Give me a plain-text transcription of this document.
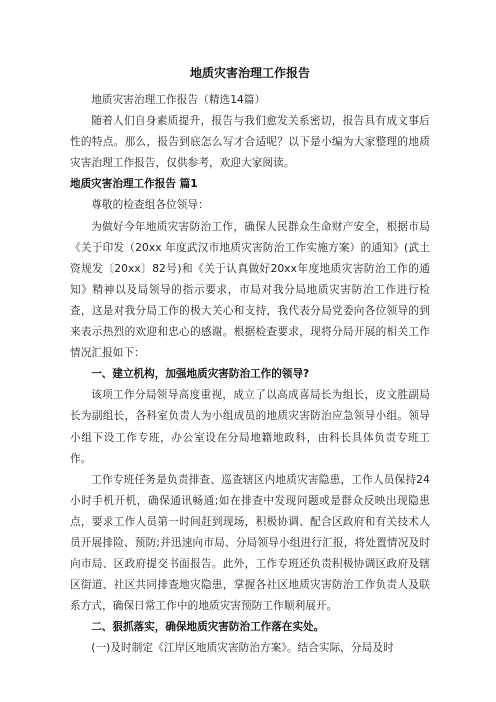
地质灾害治理工作报告

地质灾害治理工作报告（精选14篇）

随着人们自身素质提升，报告与我们愈发关系密切，报告具有成文事后性的特点。那么，报告到底怎么写才合适呢？以下是小编为大家整理的地质灾害治理工作报告，仅供参考，欢迎大家阅读。

地质灾害治理工作报告 篇1

尊敬的检查组各位领导：

为做好今年地质灾害防治工作，确保人民群众生命财产安全，根据市局《关于印发（20xx 年度武汉市地质灾害防治工作实施方案）的通知》(武土资规发〔20xx〕82号)和《关于认真做好20xx年度地质灾害防治工作的通知》精神以及局领导的指示要求，市局对我分局地质灾害防治工作进行检查，这是对我分局工作的极大关心和支持，我代表分局党委向各位领导的到来表示热烈的欢迎和忠心的感谢。根据检查要求，现将分局开展的相关工作情况汇报如下：

一、建立机构，加强地质灾害防治工作的领导?

该项工作分局领导高度重视，成立了以高成喜局长为组长，皮文胜副局长为副组长，各科室负责人为小组成员的地质灾害防治应急领导小组。领导小组下设工作专班，办公室设在分局地籍地政科，由科长具体负责专班工作。

工作专班任务是负责排查、巡查辖区内地质灾害隐患，工作人员保持24小时手机开机，确保通讯畅通;如在排查中发现问题或是群众反映出现隐患点，要求工作人员第一时间赶到现场，积极协调、配合区政府和有关技术人员开展排险、预防;并迅速向市局、分局领导小组进行汇报，将处置情况及时向市局、区政府提交书面报告。此外，工作专班还负责积极协调区政府及辖区街道、社区共同排查地灾隐患，掌握各社区地质灾害防治工作负责人及联系方式，确保日常工作中的地质灾害预防工作顺利展开。

二、狠抓落实，确保地质灾害防治工作落在实处。

(一)及时制定《江岸区地质灾害防治方案》。结合实际，分局及时
